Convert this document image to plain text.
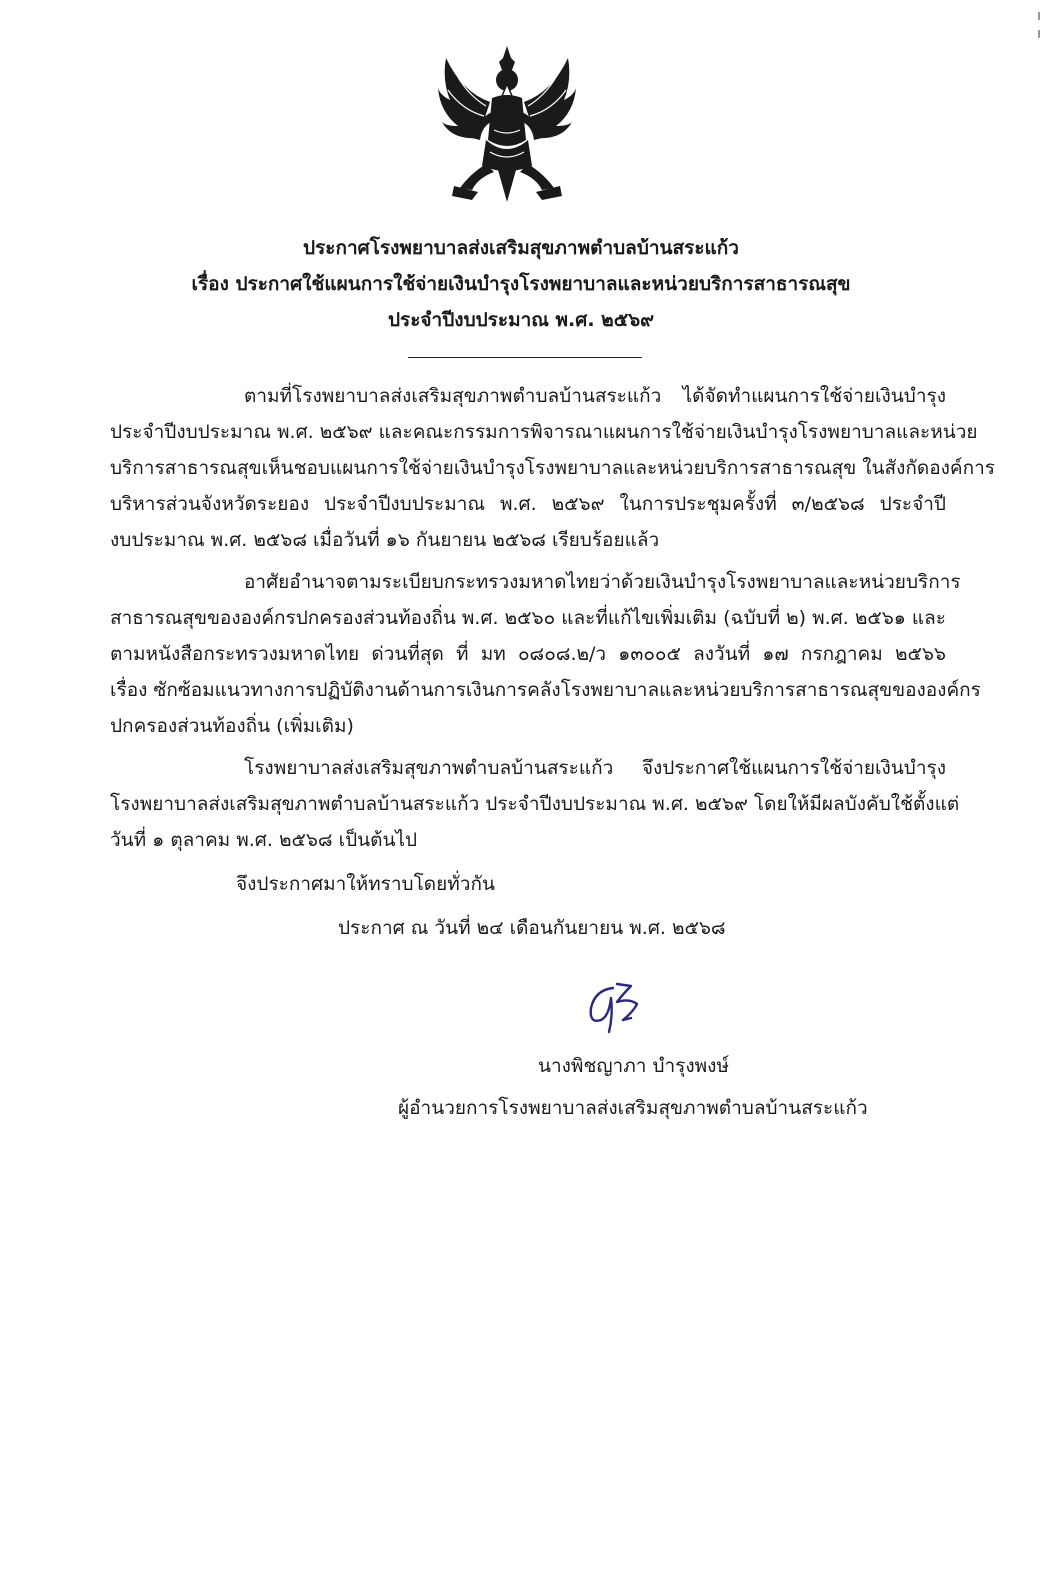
ประกาศโรงพยาบาลส่งเสริมสุขภาพตำบลบ้านสระแก้ว
เรื่อง ประกาศใช้แผนการใช้จ่ายเงินบำรุงโรงพยาบาลและหน่วยบริการสาธารณสุข
ประจำปีงบประมาณ พ.ศ. ๒๕๖๙
ตามที่โรงพยาบาลส่งเสริมสุขภาพตำบลบ้านสระแก้ว ได้จัดทำแผนการใช้จ่ายเงินบำรุง
ประจำปีงบประมาณ พ.ศ. ๒๕๖๙ และคณะกรรมการพิจารณาแผนการใช้จ่ายเงินบำรุงโรงพยาบาลและหน่วย
บริการสาธารณสุขเห็นชอบแผนการใช้จ่ายเงินบำรุงโรงพยาบาลและหน่วยบริการสาธารณสุข ในสังกัดองค์การ
บริหารส่วนจังหวัดระยอง ประจำปีงบประมาณ พ.ศ. ๒๕๖๙ ในการประชุมครั้งที่ ๓/๒๕๖๘ ประจำปี
งบประมาณ พ.ศ. ๒๕๖๘ เมื่อวันที่ ๑๖ กันยายน ๒๕๖๘ เรียบร้อยแล้ว
อาศัยอำนาจตามระเบียบกระทรวงมหาดไทยว่าด้วยเงินบำรุงโรงพยาบาลและหน่วยบริการ
สาธารณสุขขององค์กรปกครองส่วนท้องถิ่น พ.ศ. ๒๕๖๐ และที่แก้ไขเพิ่มเติม (ฉบับที่ ๒) พ.ศ. ๒๕๖๑ และ
ตามหนังสือกระทรวงมหาดไทย ด่วนที่สุด ที่ มท ๐๘๐๘.๒/ว ๑๓๐๐๕ ลงวันที่ ๑๗ กรกฎาคม ๒๕๖๖
เรื่อง ซักซ้อมแนวทางการปฏิบัติงานด้านการเงินการคลังโรงพยาบาลและหน่วยบริการสาธารณสุขขององค์กร
ปกครองส่วนท้องถิ่น (เพิ่มเติม)
โรงพยาบาลส่งเสริมสุขภาพตำบลบ้านสระแก้ว จึงประกาศใช้แผนการใช้จ่ายเงินบำรุง
โรงพยาบาลส่งเสริมสุขภาพตำบลบ้านสระแก้ว ประจำปีงบประมาณ พ.ศ. ๒๕๖๙ โดยให้มีผลบังคับใช้ตั้งแต่
วันที่ ๑ ตุลาคม พ.ศ. ๒๕๖๘ เป็นต้นไป
จึงประกาศมาให้ทราบโดยทั่วกัน
ประกาศ ณ วันที่ ๒๔ เดือนกันยายน พ.ศ. ๒๕๖๘
นางพิชญาภา บำรุงพงษ์
ผู้อำนวยการโรงพยาบาลส่งเสริมสุขภาพตำบลบ้านสระแก้ว
